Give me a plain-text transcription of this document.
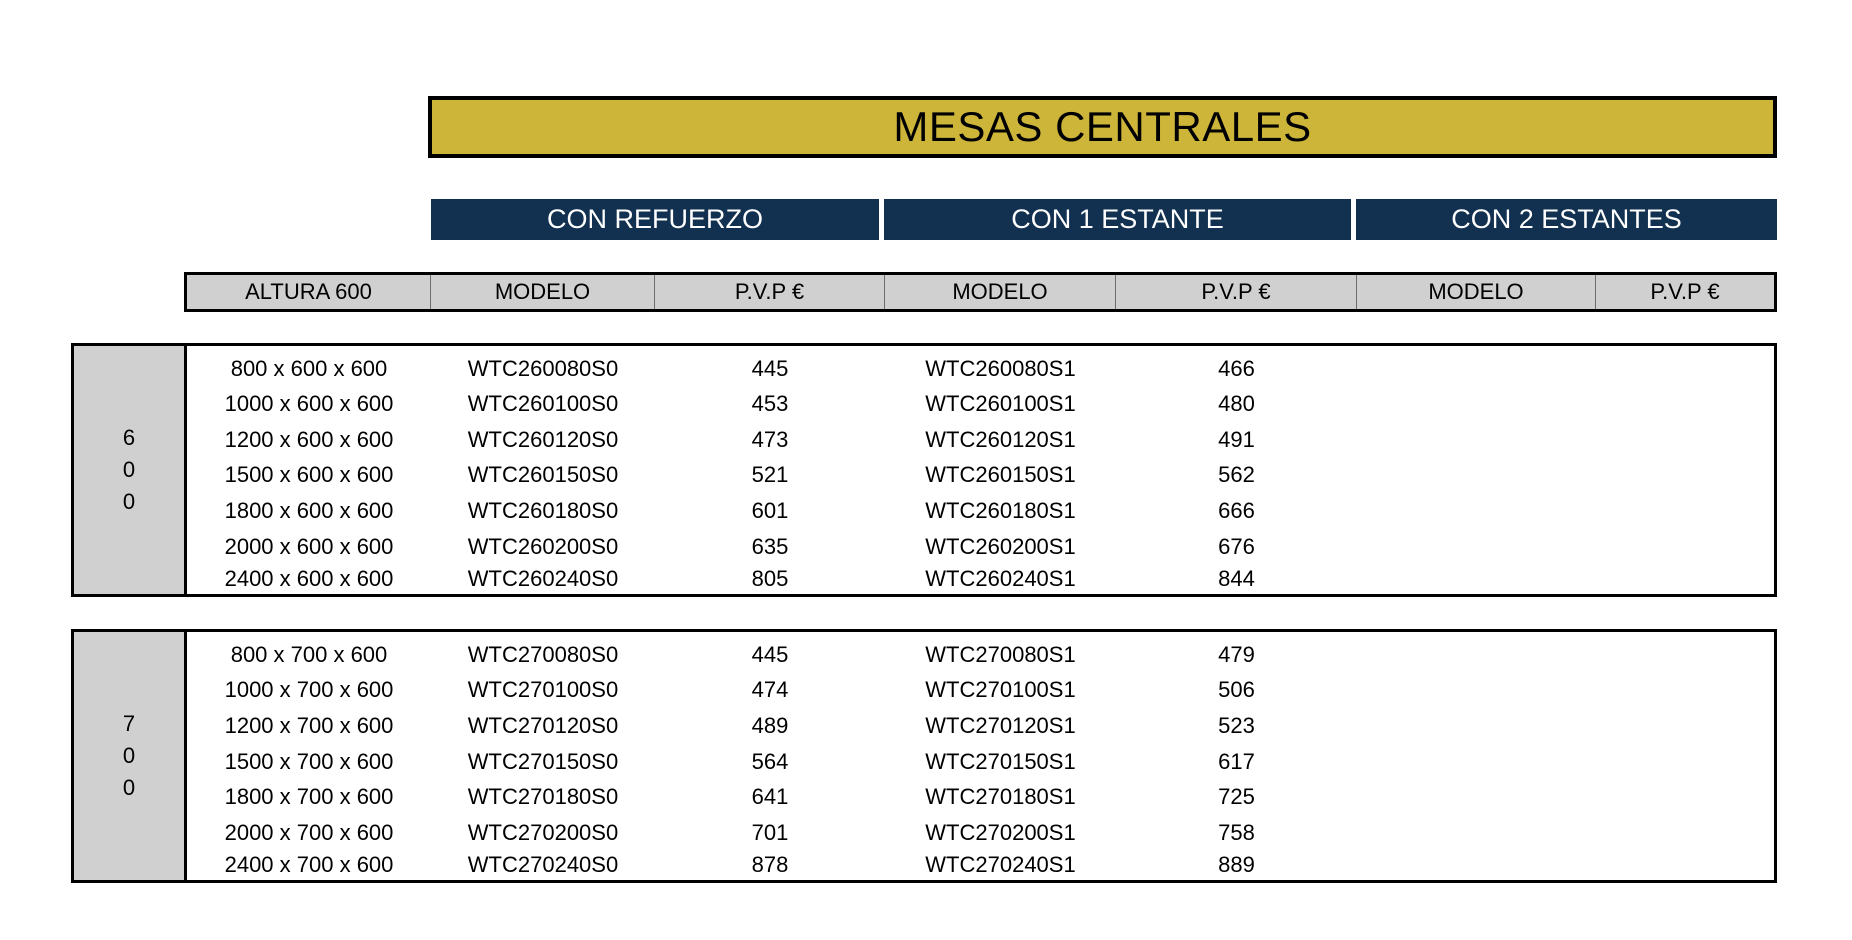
MESAS CENTRALES
CON REFUERZO	CON 1 ESTANTE	CON 2 ESTANTES
ALTURA 600	MODELO	P.V.P €	MODELO	P.V.P €	MODELO	P.V.P €
6
0
0
800 x 600 x 600	WTC260080S0	445	WTC260080S1	466
1000 x 600 x 600	WTC260100S0	453	WTC260100S1	480
1200 x 600 x 600	WTC260120S0	473	WTC260120S1	491
1500 x 600 x 600	WTC260150S0	521	WTC260150S1	562
1800 x 600 x 600	WTC260180S0	601	WTC260180S1	666
2000 x 600 x 600	WTC260200S0	635	WTC260200S1	676
2400 x 600 x 600	WTC260240S0	805	WTC260240S1	844
7
0
0
800 x 700 x 600	WTC270080S0	445	WTC270080S1	479
1000 x 700 x 600	WTC270100S0	474	WTC270100S1	506
1200 x 700 x 600	WTC270120S0	489	WTC270120S1	523
1500 x 700 x 600	WTC270150S0	564	WTC270150S1	617
1800 x 700 x 600	WTC270180S0	641	WTC270180S1	725
2000 x 700 x 600	WTC270200S0	701	WTC270200S1	758
2400 x 700 x 600	WTC270240S0	878	WTC270240S1	889
